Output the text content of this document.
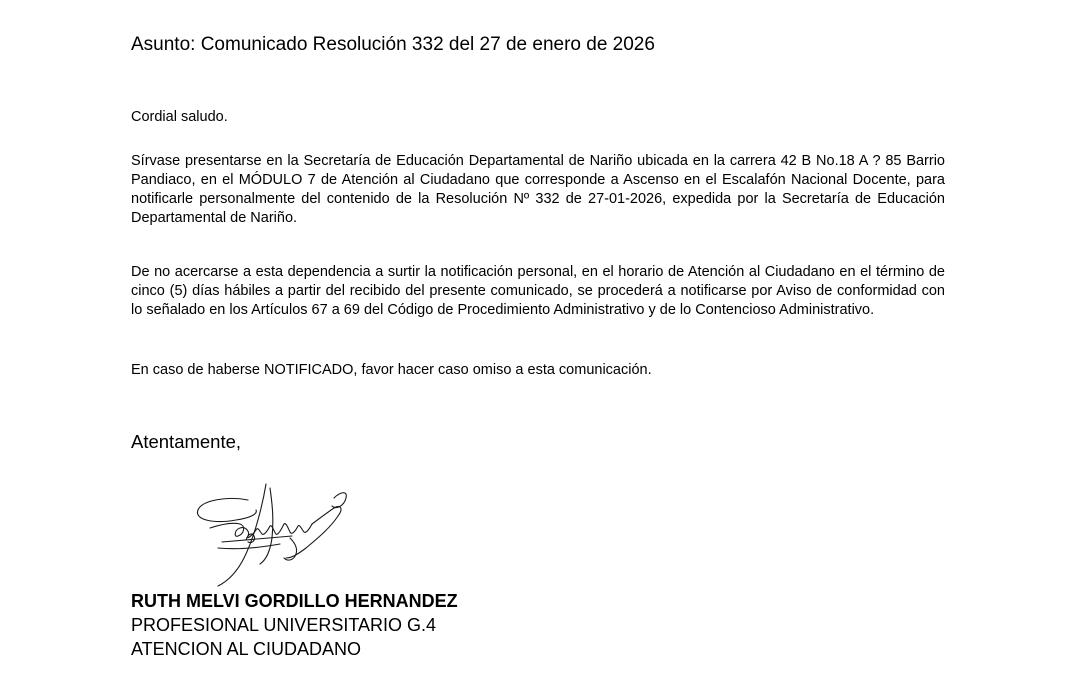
Asunto: Comunicado Resolución 332 del 27 de enero de 2026
Cordial saludo.
Sírvase presentarse en la Secretaría de Educación Departamental de Nariño ubicada en la carrera 42 B No.18 A ? 85 Barrio Pandiaco, en el MÓDULO 7 de Atención al Ciudadano que corresponde a Ascenso en el Escalafón Nacional Docente, para notificarle personalmente del contenido de la Resolución Nº 332 de 27-01-2026, expedida por la Secretaría de Educación Departamental de Nariño.
De no acercarse a esta dependencia a surtir la notificación personal, en el horario de Atención al Ciudadano en el término de cinco (5) días hábiles a partir del recibido del presente comunicado, se procederá a notificarse por Aviso de conformidad con lo señalado en los Artículos 67 a 69 del Código de Procedimiento Administrativo y de lo Contencioso Administrativo.
En caso de haberse NOTIFICADO, favor hacer caso omiso a esta comunicación.
Atentamente,
RUTH MELVI GORDILLO HERNANDEZ
PROFESIONAL UNIVERSITARIO G.4
ATENCION AL CIUDADANO
